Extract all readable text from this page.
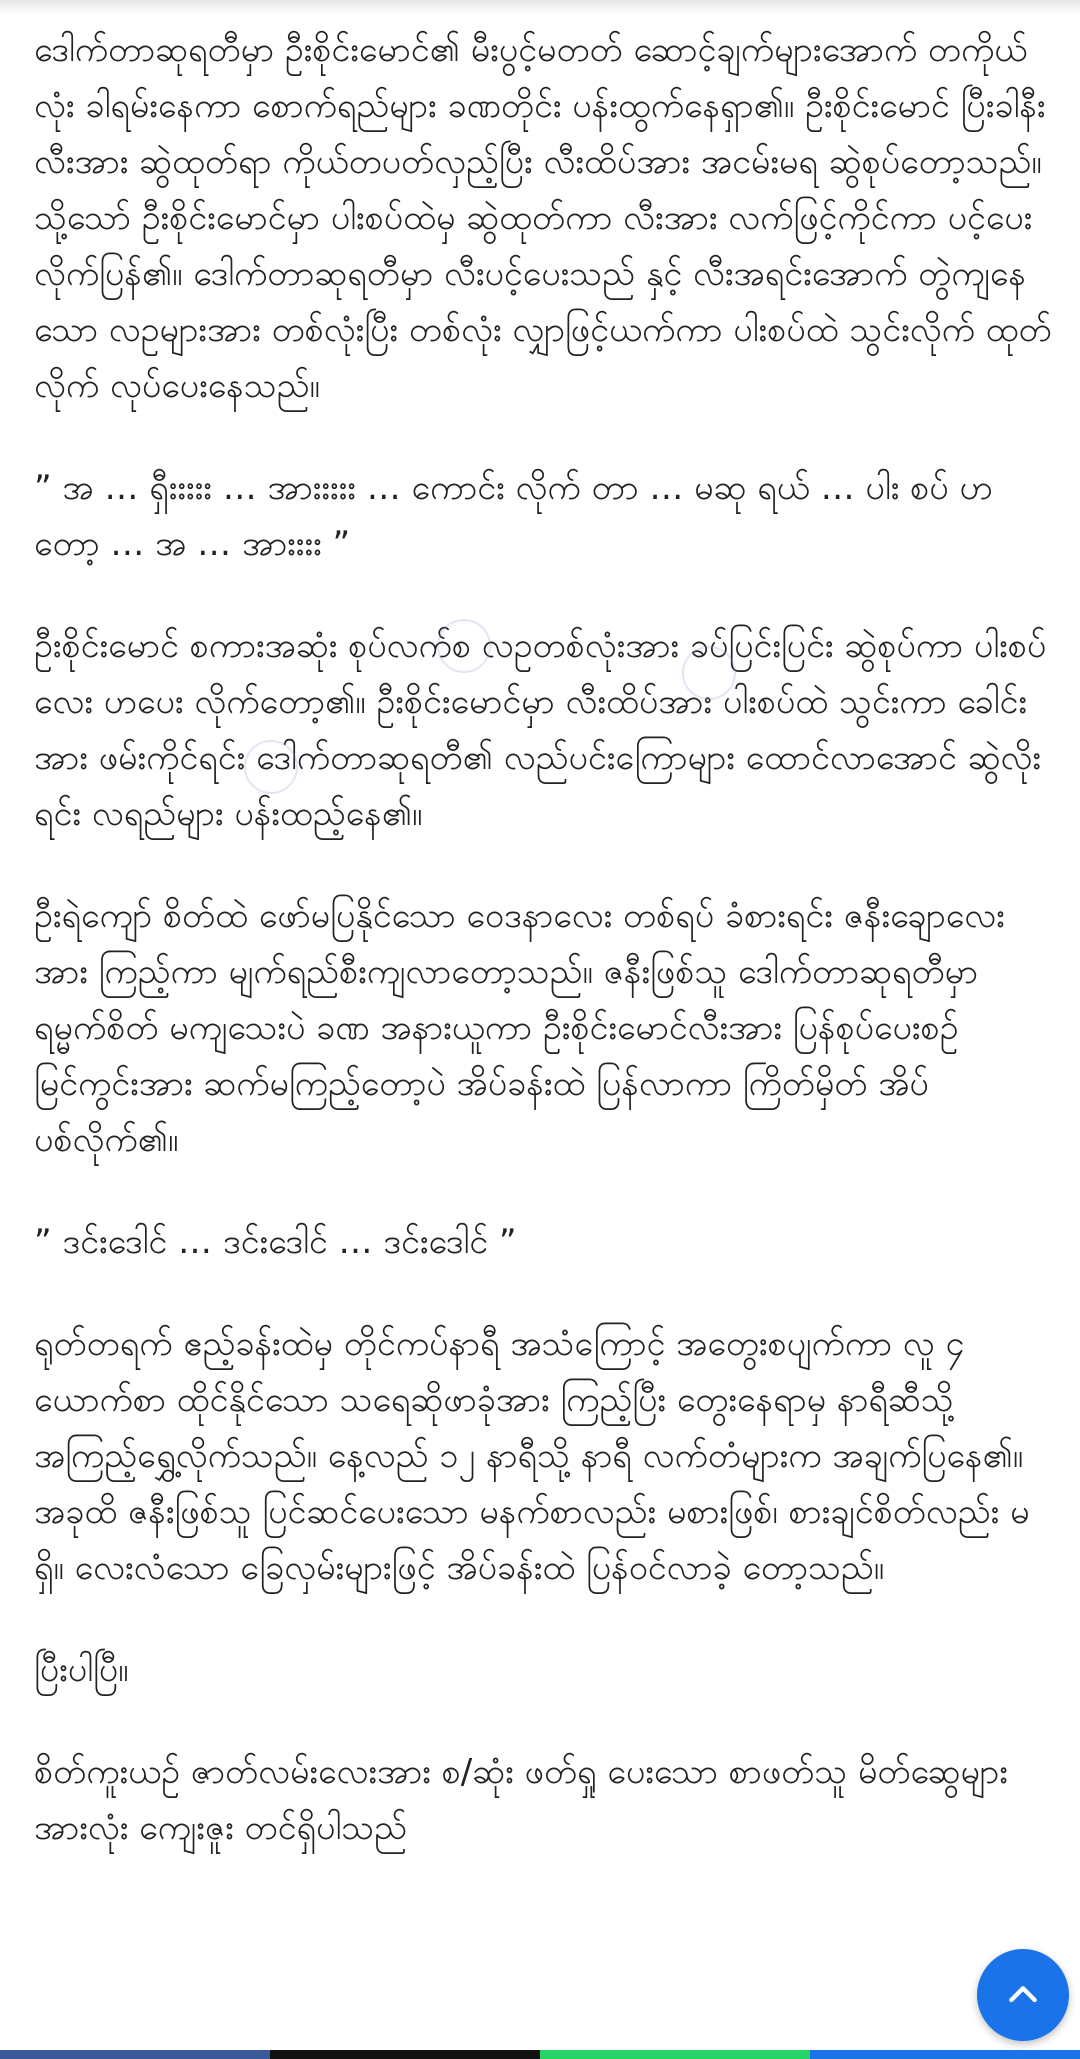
ဒေါက်တာဆုရတီမှာ ဦးစိုင်းမောင်၏ မီးပွင့်မတတ် ဆောင့်ချက်များအောက် တကိုယ်လုံး ခါရမ်းနေကာ စောက်ရည်များ ခဏတိုင်း ပန်းထွက်နေရှာ၏။ ဦးစိုင်းမောင် ပြီးခါနီး လီးအား ဆွဲထုတ်ရာ ကိုယ်တပတ်လှည့်ပြီး လီးထိပ်အား အငမ်းမရ ဆွဲစုပ်တော့သည်။ သို့သော် ဦးစိုင်းမောင်မှာ ပါးစပ်ထဲမှ ဆွဲထုတ်ကာ လီးအား လက်ဖြင့်ကိုင်ကာ ပင့်ပေး လိုက်ပြန်၏။ ဒေါက်တာဆုရတီမှာ လီးပင့်ပေးသည် နှင့် လီးအရင်းအောက် တွဲကျနေသော လဥများအား တစ်လုံးပြီး တစ်လုံး လျှာဖြင့်ယက်ကာ ပါးစပ်ထဲ သွင်းလိုက် ထုတ်လိုက် လုပ်ပေးနေသည်။

” အ … ရှီးးးးး … အားးးးး … ကောင်း လိုက် တာ … မဆု ရယ် … ပါး စပ် ဟ တော့ … အ … အားးးး ”

ဦးစိုင်းမောင် စကားအဆုံး စုပ်လက်စ လဥတစ်လုံးအား ခပ်ပြင်းပြင်း ဆွဲစုပ်ကာ ပါးစပ်လေး ဟပေး လိုက်တော့၏။ ဦးစိုင်းမောင်မှာ လီးထိပ်အား ပါးစပ်ထဲ သွင်းကာ ခေါင်းအား ဖမ်းကိုင်ရင်း ဒေါက်တာဆုရတီ၏ လည်ပင်းကြောများ ထောင်လာအောင် ဆွဲလိုးရင်း လရည်များ ပန်းထည့်နေ၏။

ဦးရဲကျော် စိတ်ထဲ ဖော်မပြနိုင်သော ဝေဒနာလေး တစ်ရပ် ခံစားရင်း ဇနီးချောလေးအား ကြည့်ကာ မျက်ရည်စီးကျလာတော့သည်။ ဇနီးဖြစ်သူ ဒေါက်တာဆုရတီမှာ ရမ္မက်စိတ် မကျသေးပဲ ခဏ အနားယူကာ ဦးစိုင်းမောင်လီးအား ပြန်စုပ်ပေးစဉ် မြင်ကွင်းအား ဆက်မကြည့်တော့ပဲ အိပ်ခန်းထဲ ပြန်လာကာ ကြိတ်မှိတ် အိပ်ပစ်လိုက်၏။

” ဒင်းဒေါင် … ဒင်းဒေါင် … ဒင်းဒေါင် ”

ရုတ်တရက် ဧည့်ခန်းထဲမှ တိုင်ကပ်နာရီ အသံကြောင့် အတွေးစပျက်ကာ လူ ၄ ယောက်စာ ထိုင်နိုင်သော သရေဆိုဖာခုံအား ကြည့်ပြီး တွေးနေရာမှ နာရီဆီသို့ အကြည့်ရွှေ့လိုက်သည်။ နေ့လည် ၁၂ နာရီသို့ နာရီ လက်တံများက အချက်ပြနေ၏။ အခုထိ ဇနီးဖြစ်သူ ပြင်ဆင်ပေးသော မနက်စာလည်း မစားဖြစ်၊ စားချင်စိတ်လည်း မရှိ။ လေးလံသော ခြေလှမ်းများဖြင့် အိပ်ခန်းထဲ ပြန်ဝင်လာခဲ့ တော့သည်။

ပြီးပါပြီ။

စိတ်ကူးယဉ် ဇာတ်လမ်းလေးအား စ/ဆုံး ဖတ်ရှု ပေးသော စာဖတ်သူ မိတ်ဆွေများ အားလုံး ကျေးဇူး တင်ရှိပါသည်
